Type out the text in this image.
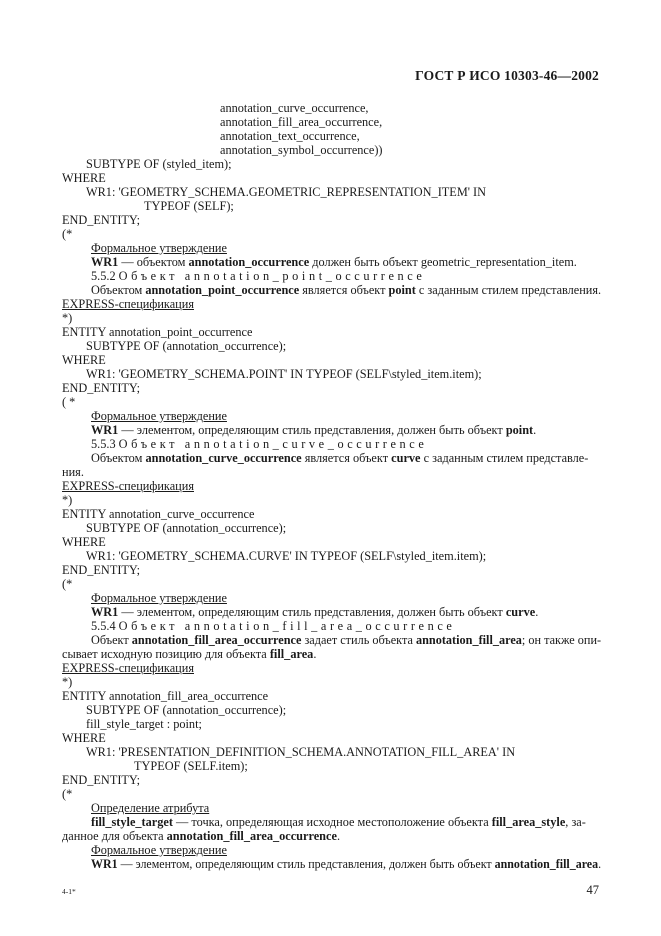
ГОСТ Р ИСО 10303-46—2002
annotation_curve_occurrence,
annotation_fill_area_occurrence,
annotation_text_occurrence,
annotation_symbol_occurrence))
SUBTYPE OF (styled_item);
WHERE
WR1: 'GEOMETRY_SCHEMA.GEOMETRIC_REPRESENTATION_ITEM' IN
TYPEOF (SELF);
END_ENTITY;
(*
Формальное утверждение
WR1 — объектом annotation_occurrence должен быть объект geometric_representation_item.
5.5.2 Объект annotation_point_occurrence
Объектом annotation_point_occurrence является объект point с заданным стилем представления.
EXPRESS-спецификация
*)
ENTITY annotation_point_occurrence
SUBTYPE OF (annotation_occurrence);
WHERE
WR1: 'GEOMETRY_SCHEMA.POINT' IN TYPEOF (SELF\styled_item.item);
END_ENTITY;
( *
Формальное утверждение
WR1 — элементом, определяющим стиль представления, должен быть объект point.
5.5.3 Объект annotation_curve_occurrence
Объектом annotation_curve_occurrence является объект curve с заданным стилем представле-
ния.
EXPRESS-спецификация
*)
ENTITY annotation_curve_occurrence
SUBTYPE OF (annotation_occurrence);
WHERE
WR1: 'GEOMETRY_SCHEMA.CURVE' IN TYPEOF (SELF\styled_item.item);
END_ENTITY;
(*
Формальное утверждение
WR1 — элементом, определяющим стиль представления, должен быть объект curve.
5.5.4 Объект annotation_fill_area_occurrence
Объект annotation_fill_area_occurrence задает стиль объекта annotation_fill_area; он также опи-
сывает исходную позицию для объекта fill_area.
EXPRESS-спецификация
*)
ENTITY annotation_fill_area_occurrence
SUBTYPE OF (annotation_occurrence);
fill_style_target : point;
WHERE
WR1: 'PRESENTATION_DEFINITION_SCHEMA.ANNOTATION_FILL_AREA' IN
TYPEOF (SELF.item);
END_ENTITY;
(*
Определение атрибута
fill_style_target — точка, определяющая исходное местоположение объекта fill_area_style, за-
данное для объекта annotation_fill_area_occurrence.
Формальное утверждение
WR1 — элементом, определяющим стиль представления, должен быть объект annotation_fill_area.
4-1*	47
